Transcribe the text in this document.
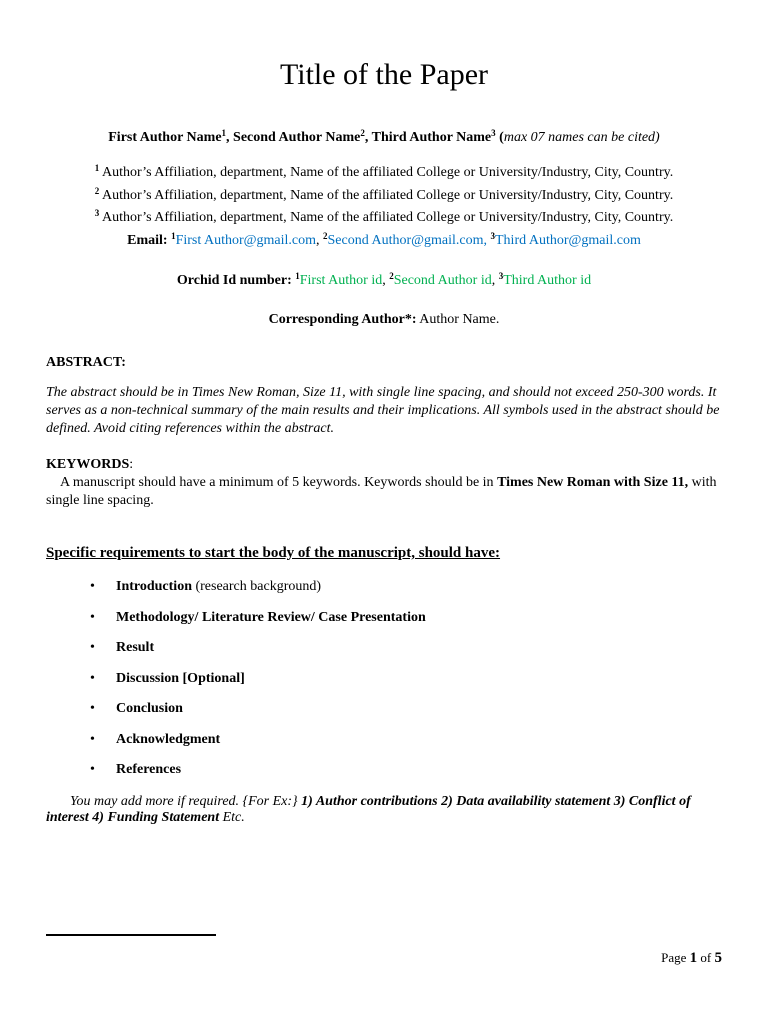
Title of the Paper
First Author Name$^1$, Second Author Name$^2$, Third Author Name$^3$ (max 07 names can be cited)
$^1$ Author’s Affiliation, department, Name of the affiliated College or University/Industry, City, Country.
$^2$ Author’s Affiliation, department, Name of the affiliated College or University/Industry, City, Country.
$^3$ Author’s Affiliation, department, Name of the affiliated College or University/Industry, City, Country.
Email: $^1$First Author@gmail.com, $^2$Second Author@gmail.com, $^3$Third Author@gmail.com
Orchid Id number: $^1$First Author id, $^2$Second Author id, $^3$Third Author id
Corresponding Author*: Author Name.
ABSTRACT:
The abstract should be in Times New Roman, Size 11, with single line spacing, and should not exceed 250-300 words. It serves as a non-technical summary of the main results and their implications. All symbols used in the abstract should be defined. Avoid citing references within the abstract.
KEYWORDS:
A manuscript should have a minimum of 5 keywords. Keywords should be in Times New Roman with Size 11, with single line spacing.
Specific requirements to start the body of the manuscript, should have:
• Introduction (research background)
• Methodology/ Literature Review/ Case Presentation
• Result
• Discussion [Optional]
• Conclusion
• Acknowledgment
• References
You may add more if required. {For Ex:} 1) Author contributions 2) Data availability statement 3) Conflict of interest 4) Funding Statement Etc.
Page 1 of 5
